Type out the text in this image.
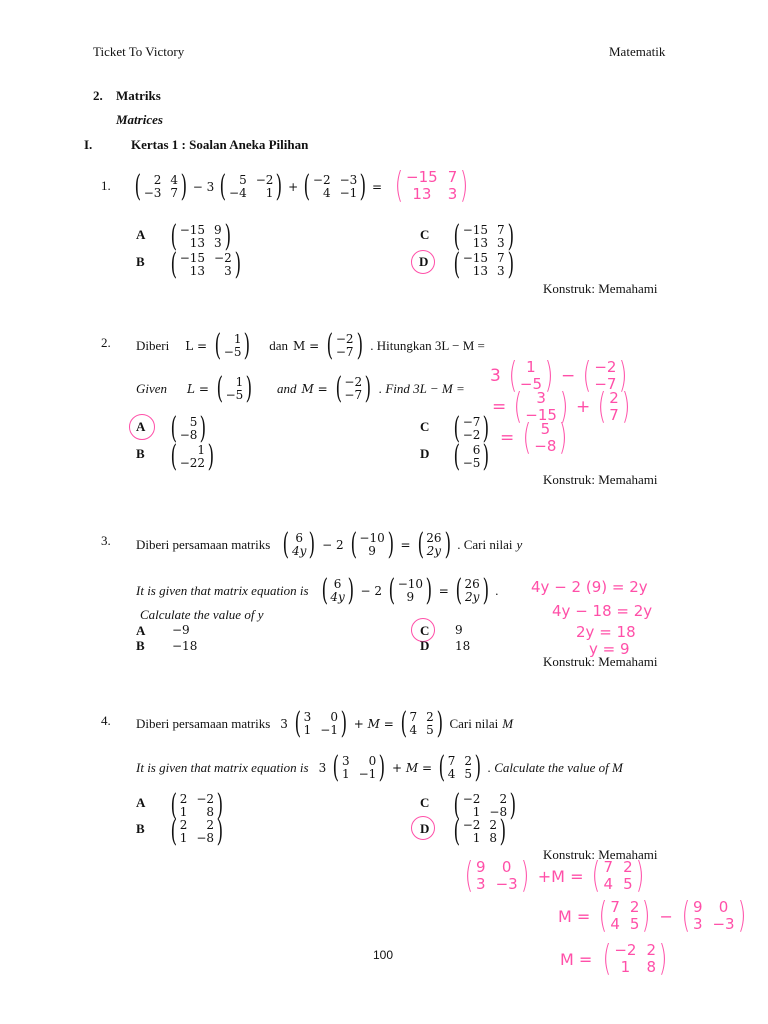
Ticket To Victory	Matematik
2. Matriks
Matrices
I.	Kertas 1 : Soalan Aneka Pilihan
1. (	2 4
−3 7 ) − 3 (	5 −2
−4	1 ) + ( −2 −3
4 −1 ) = ( −15 7
13	3 )
A ( −15 9
13 3 )
B ( −15 −2
13	3 )
C ( −15 7
13 3 )
D ( −15 7
13 3 )
Konstruk: Memahami
2. Diberi L = (	1
−5 ) dan M = ( −2
−7 ) . Hitungkan 3L − M =
Given L = (	1
−5 ) and M = ( −2
−7 ) . Find 3L − M =
A (	5
−8 )
B (	1
−22 )
C ( −7
−2 )
D (	6
−5 )
Konstruk: Memahami
3 ( 1
−5 ) − ( −2
−7 )
= ( 3
−15 ) + ( 2
7 )
= ( 5
−8 )
3. Diberi persamaan matriks ( 6
4y ) − 2 ( −10
9 ) = ( 26
2y ) . Cari nilai y
It is given that matrix equation is ( 6
4y ) − 2 ( −10
9 ) = ( 26
2y ) .
Calculate the value of y
A −9
B −18
C 9
D 18
Konstruk: Memahami
4y − 2 (9) = 2y
4y − 18 = 2y
2y = 18
y = 9
4. Diberi persamaan matriks 3 ( 3	0
1 −1 ) + M = ( 7 2
4 5 ) Cari nilai M
It is given that matrix equation is 3 ( 3	0
1 −1 ) + M = ( 7 2
4 5 ) . Calculate the value of M
A ( 2 −2
1	8 )
B ( 2	2
1 −8 )
C ( −2	2
1 −8 )
D ( −2 2
1 8 )
Konstruk: Memahami
( 9	0
3 −3 ) +M = ( 7 2
4 5 )
M = ( 7 2
4 5 ) − ( 9	0
3 −3 )
M = ( −2 2
1	8 )
100
